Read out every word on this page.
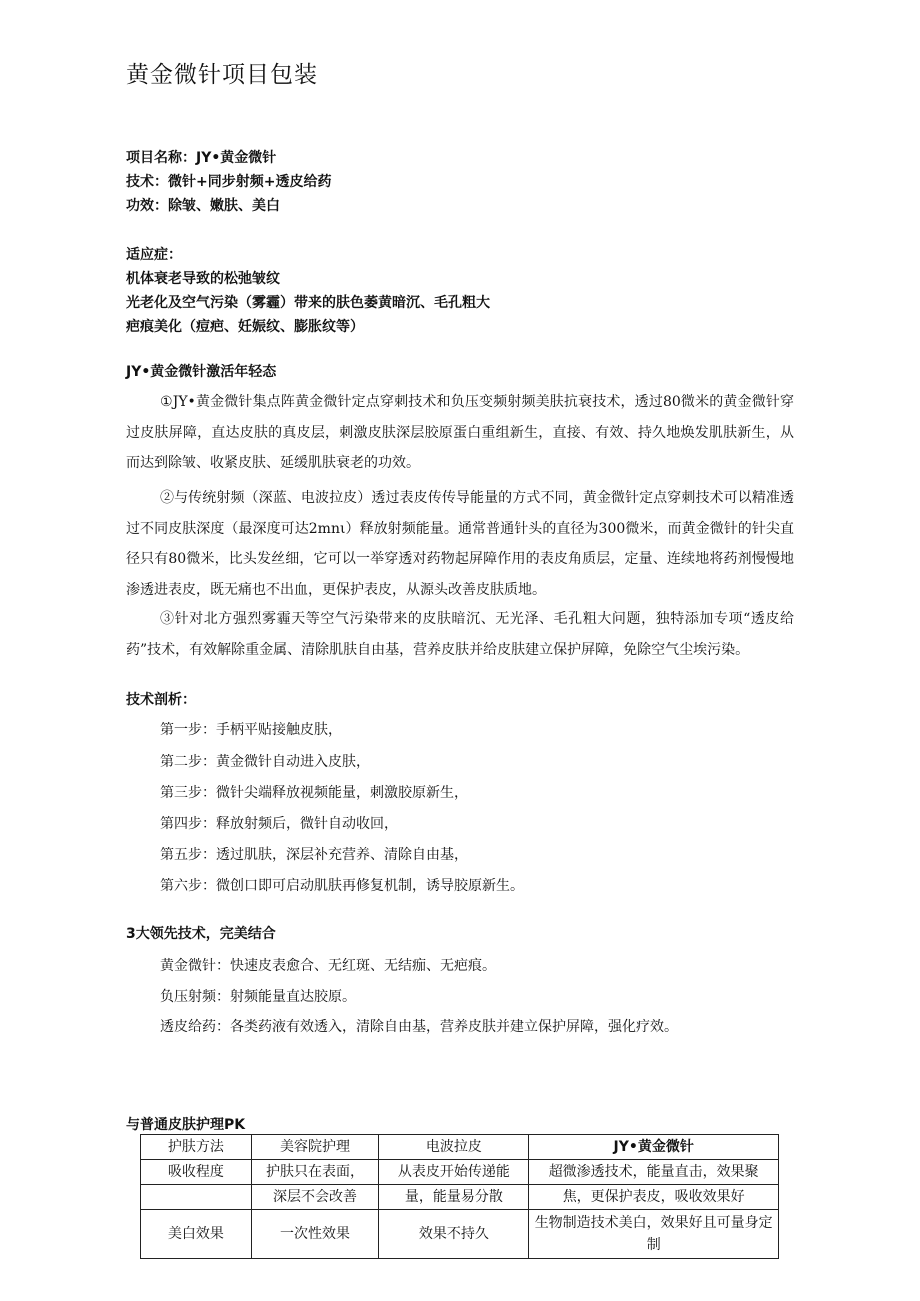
黄金微针项目包装
项目名称：JY•黄金微针
技术：微针+同步射频+透皮给药
功效：除皱、嫩肤、美白
适应症：
机体衰老导致的松弛皱纹
光老化及空气污染（雾霾）带来的肤色萎黄暗沉、毛孔粗大
疤痕美化（痘疤、妊娠纹、膨胀纹等）
JY•黄金微针激活年轻态

①JY•黄金微针集点阵黄金微针定点穿刺技术和负压变频射频美肤抗衰技术，透过80微米的黄金微针穿过皮肤屏障，直达皮肤的真皮层，刺激皮肤深层胶原蛋白重组新生，直接、有效、持久地焕发肌肤新生，从而达到除皱、收紧皮肤、延缓肌肤衰老的功效。

②与传统射频（深蓝、电波拉皮）透过表皮传传导能量的方式不同，黄金微针定点穿刺技术可以精准透过不同皮肤深度（最深度可达2mnι）释放射频能量。通常普通针头的直径为300微米，而黄金微针的针尖直径只有80微米，比头发丝细，它可以一举穿透对药物起屏障作用的表皮角质层，定量、连续地将药剂慢慢地渗透进表皮，既无痛也不出血，更保护表皮，从源头改善皮肤质地。

③针对北方强烈雾霾天等空气污染带来的皮肤暗沉、无光泽、毛孔粗大问题，独特添加专项“透皮给药”技术，有效解除重金属、清除肌肤自由基，营养皮肤并给皮肤建立保护屏障，免除空气尘埃污染。

技术剖析：
第一步：手柄平贴接触皮肤，
第二步：黄金微针自动进入皮肤，
第三步：微针尖端释放视频能量，刺激胶原新生，
第四步：释放射频后，微针自动收回，
第五步：透过肌肤，深层补充营养、清除自由基，
第六步：微创口即可启动肌肤再修复机制，诱导胶原新生。
3大领先技术，完美结合
黄金微针：快速皮表愈合、无红斑、无结痂、无疤痕。
负压射频：射频能量直达胶原。
透皮给药：各类药液有效透入，清除自由基，营养皮肤并建立保护屏障，强化疗效。
与普通皮肤护理PK
护肤方法	美容院护理	电波拉皮	JY•黄金微针
吸收程度	护肤只在表面，	从表皮开始传递能	超微渗透技术，能量直击，效果聚
	深层不会改善	量，能量易分散	焦，更保护表皮，吸收效果好
美白效果	一次性效果	效果不持久	生物制造技术美白，效果好且可量身定制
